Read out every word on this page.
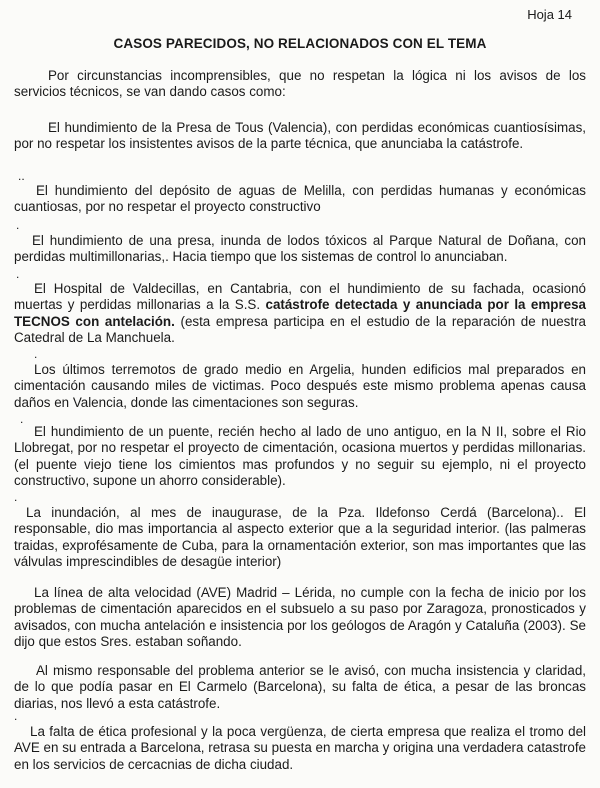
Hoja 14
CASOS PARECIDOS, NO RELACIONADOS CON EL TEMA

Por circunstancias incomprensibles, que no respetan la lógica ni los avisos de los servicios técnicos, se van dando casos como:

El hundimiento de la Presa de Tous (Valencia), con perdidas económicas cuantiosísimas, por no respetar los insistentes avisos de la parte técnica, que anunciaba la catástrofe.

..

El hundimiento del depósito de aguas de Melilla, con perdidas humanas y económicas cuantiosas, por no respetar el proyecto constructivo

.

El hundimiento de una presa, inunda de lodos tóxicos al Parque Natural de Doñana, con perdidas multimillonarias,. Hacia tiempo que los sistemas de control lo anunciaban.

.

El Hospital de Valdecillas, en Cantabria, con el hundimiento de su fachada, ocasionó muertas y perdidas millonarias a la S.S. catástrofe detectada y anunciada por la empresa TECNOS con antelación. (esta empresa participa en el estudio de la reparación de nuestra Catedral de La Manchuela.

.

Los últimos terremotos de grado medio en Argelia, hunden edificios mal preparados en cimentación causando miles de victimas. Poco después este mismo problema apenas causa daños en Valencia, donde las cimentaciones son seguras.

.

El hundimiento de un puente, recién hecho al lado de uno antiguo, en la N II, sobre el Rio Llobregat, por no respetar el proyecto de cimentación, ocasiona muertos y perdidas millonarias. (el puente viejo tiene los cimientos mas profundos y no seguir su ejemplo, ni el proyecto constructivo, supone un ahorro considerable).

.

La inundación, al mes de inaugurase, de la Pza. Ildefonso Cerdá (Barcelona).. El responsable, dio mas importancia al aspecto exterior que a la seguridad interior. (las palmeras traidas, exprofésamente de Cuba, para la ornamentación exterior, son mas importantes que las válvulas imprescindibles de desagüe interior)

La línea de alta velocidad (AVE) Madrid – Lérida, no cumple con la fecha de inicio por los problemas de cimentación aparecidos en el subsuelo a su paso por Zaragoza, pronosticados y avisados, con mucha antelación e insistencia por los geólogos de Aragón y Cataluña (2003). Se dijo que estos Sres. estaban soñando.

Al mismo responsable del problema anterior se le avisó, con mucha insistencia y claridad, de lo que podía pasar en El Carmelo (Barcelona), su falta de ética, a pesar de las broncas diarias, nos llevó a esta catástrofe.

.

La falta de ética profesional y la poca vergüenza, de cierta empresa que realiza el tromo del AVE en su entrada a Barcelona, retrasa su puesta en marcha y origina una verdadera catastrofe en los servicios de cercacnias de dicha ciudad.
